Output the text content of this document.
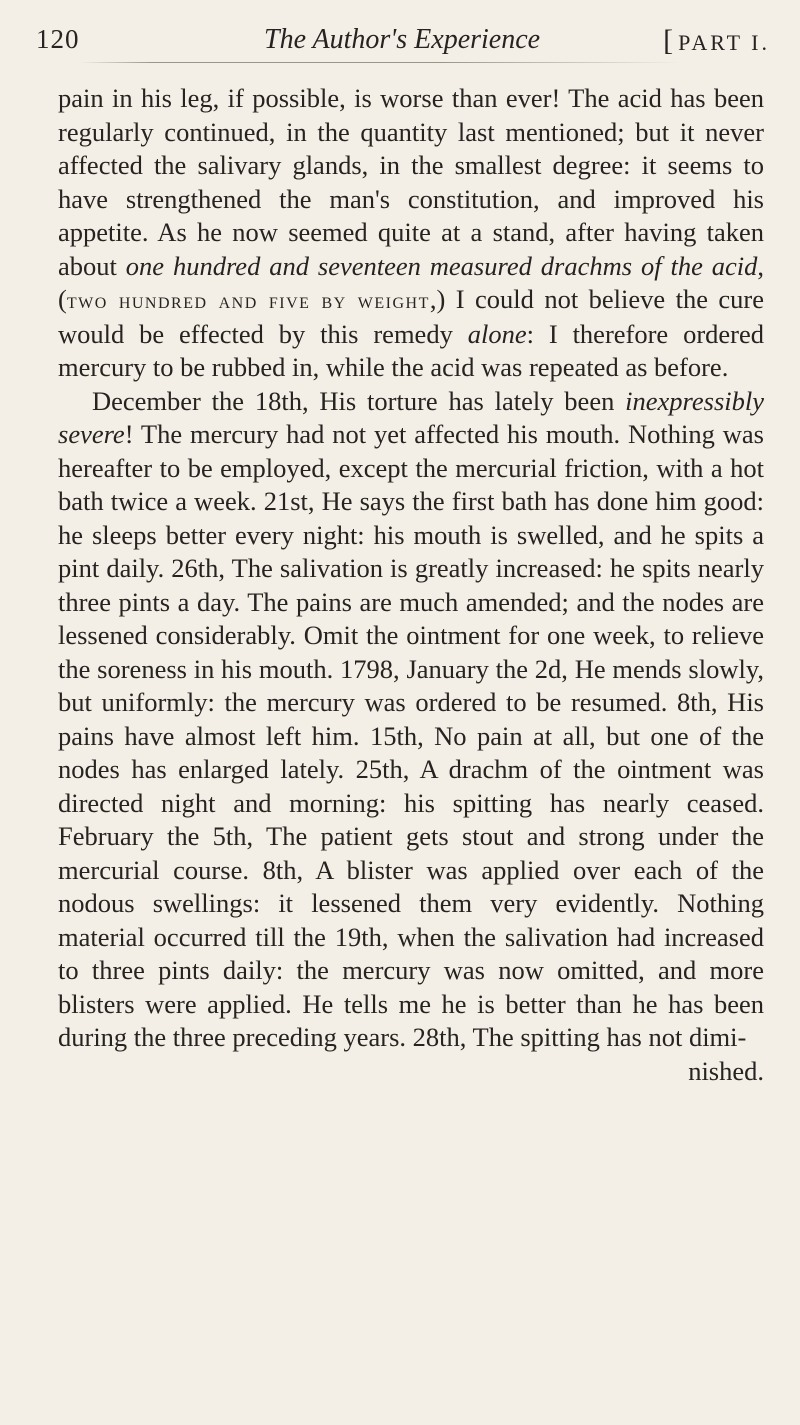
120	The Author's Experience	[PART I.

pain in his leg, if possible, is worse than ever! The acid has been regularly continued, in the quantity last mentioned; but it never affected the salivary glands, in the smallest degree: it seems to have strengthened the man's constitution, and improved his appetite. As he now seemed quite at a stand, after having taken about one hundred and seventeen measured drachms of the acid, (two hundred and five by weight,) I could not believe the cure would be effected by this remedy alone: I therefore ordered mercury to be rubbed in, while the acid was repeated as before.

December the 18th, His torture has lately been inexpressibly severe! The mercury had not yet affected his mouth. Nothing was hereafter to be employed, except the mercurial friction, with a hot bath twice a week. 21st, He says the first bath has done him good: he sleeps better every night: his mouth is swelled, and he spits a pint daily. 26th, The salivation is greatly increased: he spits nearly three pints a day. The pains are much amended; and the nodes are lessened considerably. Omit the ointment for one week, to relieve the soreness in his mouth. 1798, January the 2d, He mends slowly, but uniformly: the mercury was ordered to be resumed. 8th, His pains have almost left him. 15th, No pain at all, but one of the nodes has enlarged lately. 25th, A drachm of the ointment was directed night and morning: his spitting has nearly ceased. February the 5th, The patient gets stout and strong under the mercurial course. 8th, A blister was applied over each of the nodous swellings: it lessened them very evidently. Nothing material occurred till the 19th, when the salivation had increased to three pints daily: the mercury was now omitted, and more blisters were applied. He tells me he is better than he has been during the three preceding years. 28th, The spitting has not dimi-
nished.
